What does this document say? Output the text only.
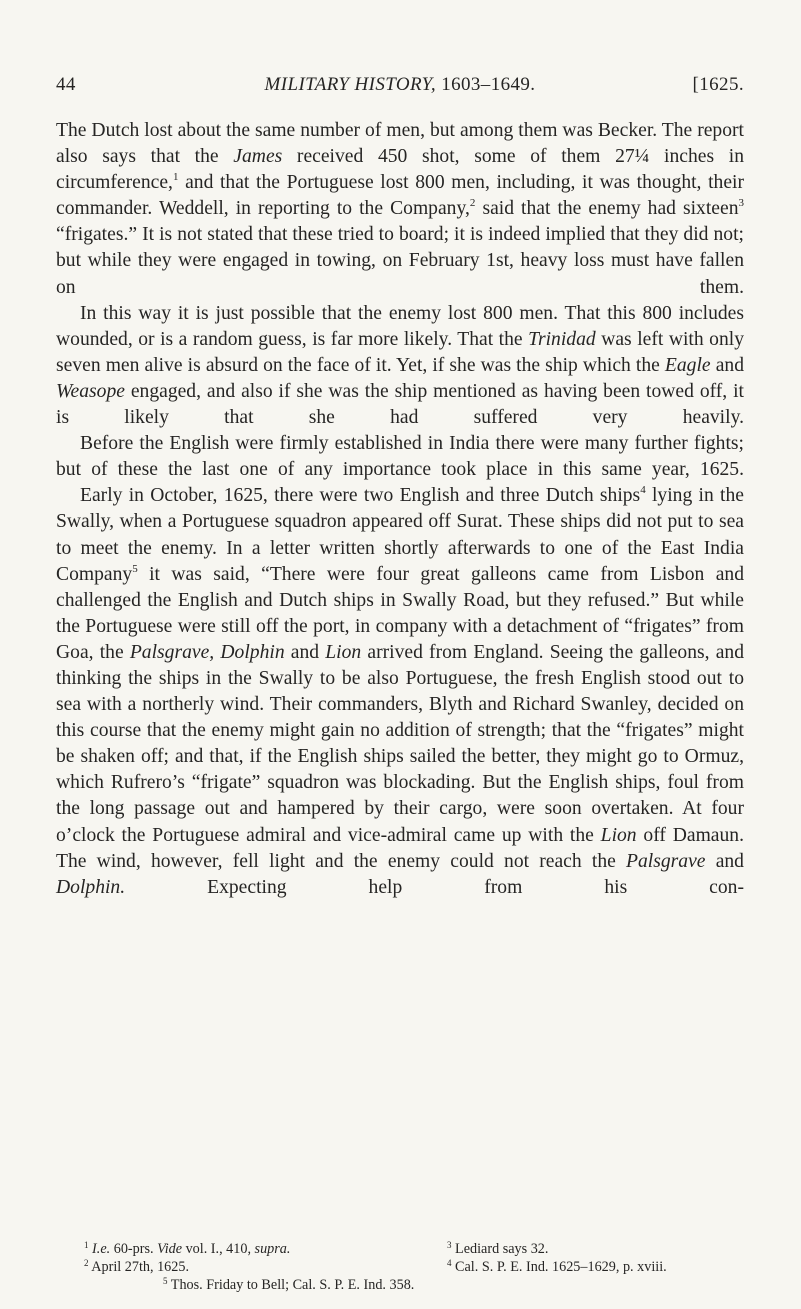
44	MILITARY HISTORY, 1603–1649.	[1625.

The Dutch lost about the same number of men, but among them was Becker. The report also says that the James received 450 shot, some of them 27¼ inches in circumference,$^1$ and that the Portuguese lost 800 men, including, it was thought, their commander. Weddell, in reporting to the Company,$^2$ said that the enemy had sixteen$^3$ “frigates.” It is not stated that these tried to board; it is indeed implied that they did not; but while they were engaged in towing, on February 1st, heavy loss must have fallen on them.

In this way it is just possible that the enemy lost 800 men. That this 800 includes wounded, or is a random guess, is far more likely. That the Trinidad was left with only seven men alive is absurd on the face of it. Yet, if she was the ship which the Eagle and Weasope engaged, and also if she was the ship mentioned as having been towed off, it is likely that she had suffered very heavily.

Before the English were firmly established in India there were many further fights; but of these the last one of any importance took place in this same year, 1625.

Early in October, 1625, there were two English and three Dutch ships$^4$ lying in the Swally, when a Portuguese squadron appeared off Surat. These ships did not put to sea to meet the enemy. In a letter written shortly afterwards to one of the East India Company$^5$ it was said, “There were four great galleons came from Lisbon and challenged the English and Dutch ships in Swally Road, but they refused.” But while the Portuguese were still off the port, in company with a detachment of “frigates” from Goa, the Palsgrave, Dolphin and Lion arrived from England. Seeing the galleons, and thinking the ships in the Swally to be also Portuguese, the fresh English stood out to sea with a northerly wind. Their commanders, Blyth and Richard Swanley, decided on this course that the enemy might gain no addition of strength; that the “frigates” might be shaken off; and that, if the English ships sailed the better, they might go to Ormuz, which Rufrero’s “frigate” squadron was blockading. But the English ships, foul from the long passage out and hampered by their cargo, were soon overtaken. At four o’clock the Portuguese admiral and vice-admiral came up with the Lion off Damaun. The wind, however, fell light and the enemy could not reach the Palsgrave and Dolphin. Expecting help from his con-

$^1$ I.e. 60-prs. Vide vol. I., 410, supra.	$^3$ Lediard says 32.
$^2$ April 27th, 1625.	$^4$ Cal. S. P. E. Ind. 1625–1629, p. xviii.
$^5$ Thos. Friday to Bell; Cal. S. P. E. Ind. 358.
